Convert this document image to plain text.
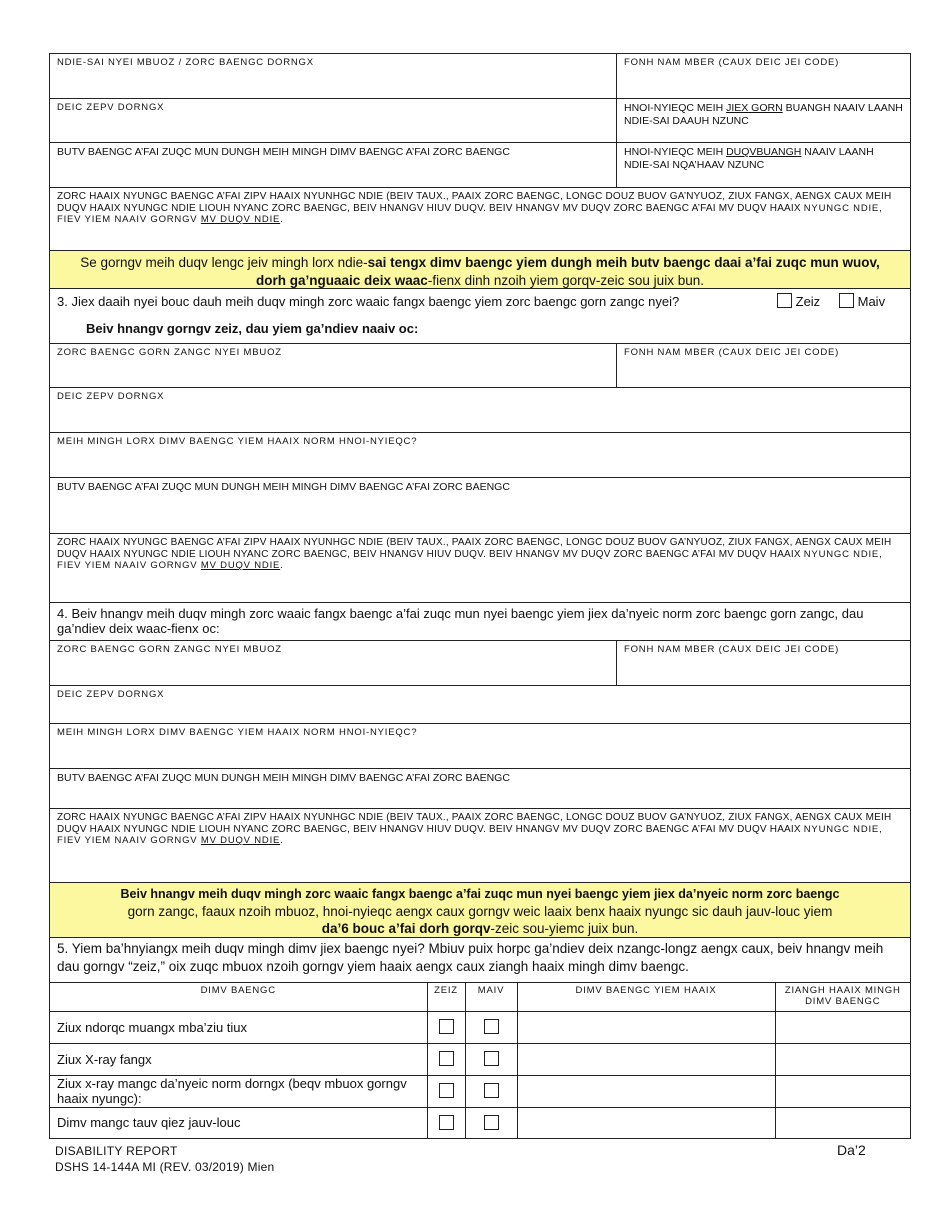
NDIE-SAI NYEI MBUOZ / ZORC BAENGC DORNGX	FONH NAM MBER (CAUX DEIC JEI CODE)
DEIC ZEPV DORNGX	HNOI-NYIEQC MEIH JIEX GORN BUANGH NAAIV LAANH NDIE-SAI DAAUH NZUNC
BUTV BAENGC A’FAI ZUQC MUN DUNGH MEIH MINGH DIMV BAENGC A’FAI ZORC BAENGC	HNOI-NYIEQC MEIH DUQVBUANGH NAAIV LAANH NDIE-SAI NQA’HAAV NZUNC
ZORC HAAIX NYUNGC BAENGC A’FAI ZIPV HAAIX NYUNHGC NDIE (BEIV TAUX., PAAIX ZORC BAENGC, LONGC DOUZ BUOV GA’NYUOZ, ZIUX FANGX, AENGX CAUX MEIH DUQV HAAIX NYUNGC NDIE LIOUH NYANC ZORC BAENGC, BEIV HNANGV HIUV DUQV. BEIV HNANGV MV DUQV ZORC BAENGC A’FAI MV DUQV HAAIX NYUNGC NDIE, FIEV YIEM NAAIV GORNGV MV DUQV NDIE.
Se gorngv meih duqv lengc jeiv mingh lorx ndie-sai tengx dimv baengc yiem dungh meih butv baengc daai a’fai zuqc mun wuov, dorh ga’nguaaic deix waac-fienx dinh nzoih yiem gorqv-zeic sou juix bun.
3. Jiex daaih nyei bouc dauh meih duqv mingh zorc waaic fangx baengc yiem zorc baengc gorn zangc nyei?	Zeiz	Maiv
Beiv hnangv gorngv zeiz, dau yiem ga’ndiev naaiv oc:
ZORC BAENGC GORN ZANGC NYEI MBUOZ	FONH NAM MBER (CAUX DEIC JEI CODE)
DEIC ZEPV DORNGX
MEIH MINGH LORX DIMV BAENGC YIEM HAAIX NORM HNOI-NYIEQC?
BUTV BAENGC A’FAI ZUQC MUN DUNGH MEIH MINGH DIMV BAENGC A’FAI ZORC BAENGC
ZORC HAAIX NYUNGC BAENGC A’FAI ZIPV HAAIX NYUNHGC NDIE (BEIV TAUX., PAAIX ZORC BAENGC, LONGC DOUZ BUOV GA’NYUOZ, ZIUX FANGX, AENGX CAUX MEIH DUQV HAAIX NYUNGC NDIE LIOUH NYANC ZORC BAENGC, BEIV HNANGV HIUV DUQV. BEIV HNANGV MV DUQV ZORC BAENGC A’FAI MV DUQV HAAIX NYUNGC NDIE, FIEV YIEM NAAIV GORNGV MV DUQV NDIE.
4. Beiv hnangv meih duqv mingh zorc waaic fangx baengc a’fai zuqc mun nyei baengc yiem jiex da’nyeic norm zorc baengc gorn zangc, dau ga’ndiev deix waac-fienx oc:
ZORC BAENGC GORN ZANGC NYEI MBUOZ	FONH NAM MBER (CAUX DEIC JEI CODE)
DEIC ZEPV DORNGX
MEIH MINGH LORX DIMV BAENGC YIEM HAAIX NORM HNOI-NYIEQC?
BUTV BAENGC A’FAI ZUQC MUN DUNGH MEIH MINGH DIMV BAENGC A’FAI ZORC BAENGC
ZORC HAAIX NYUNGC BAENGC A’FAI ZIPV HAAIX NYUNHGC NDIE (BEIV TAUX., PAAIX ZORC BAENGC, LONGC DOUZ BUOV GA’NYUOZ, ZIUX FANGX, AENGX CAUX MEIH DUQV HAAIX NYUNGC NDIE LIOUH NYANC ZORC BAENGC, BEIV HNANGV HIUV DUQV. BEIV HNANGV MV DUQV ZORC BAENGC A’FAI MV DUQV HAAIX NYUNGC NDIE, FIEV YIEM NAAIV GORNGV MV DUQV NDIE.
Beiv hnangv meih duqv mingh zorc waaic fangx baengc a’fai zuqc mun nyei baengc yiem jiex da’nyeic norm zorc baengc
gorn zangc, faaux nzoih mbuoz, hnoi-nyieqc aengx caux gorngv weic laaix benx haaix nyungc sic dauh jauv-louc yiem
da’6 bouc a’fai dorh gorqv-zeic sou-yiemc juix bun.
5. Yiem ba’hnyiangx meih duqv mingh dimv jiex baengc nyei? Mbiuv puix horpc ga’ndiev deix nzangc-longz aengx caux, beiv hnangv meih dau gorngv “zeiz,” oix zuqc mbuox nzoih gorngv yiem haaix aengx caux ziangh haaix mingh dimv baengc.
DIMV BAENGC	ZEIZ	MAIV	DIMV BAENGC YIEM HAAIX	ZIANGH HAAIX MINGH DIMV BAENGC
Ziux ndorqc muangx mba’ziu tiux				
Ziux X-ray fangx				
Ziux x-ray mangc da’nyeic norm dorngx (beqv mbuox gorngv haaix nyungc):				
Dimv mangc tauv qiez jauv-louc				
DISABILITY REPORT
DSHS 14-144A MI (REV. 03/2019) Mien
Da’2
